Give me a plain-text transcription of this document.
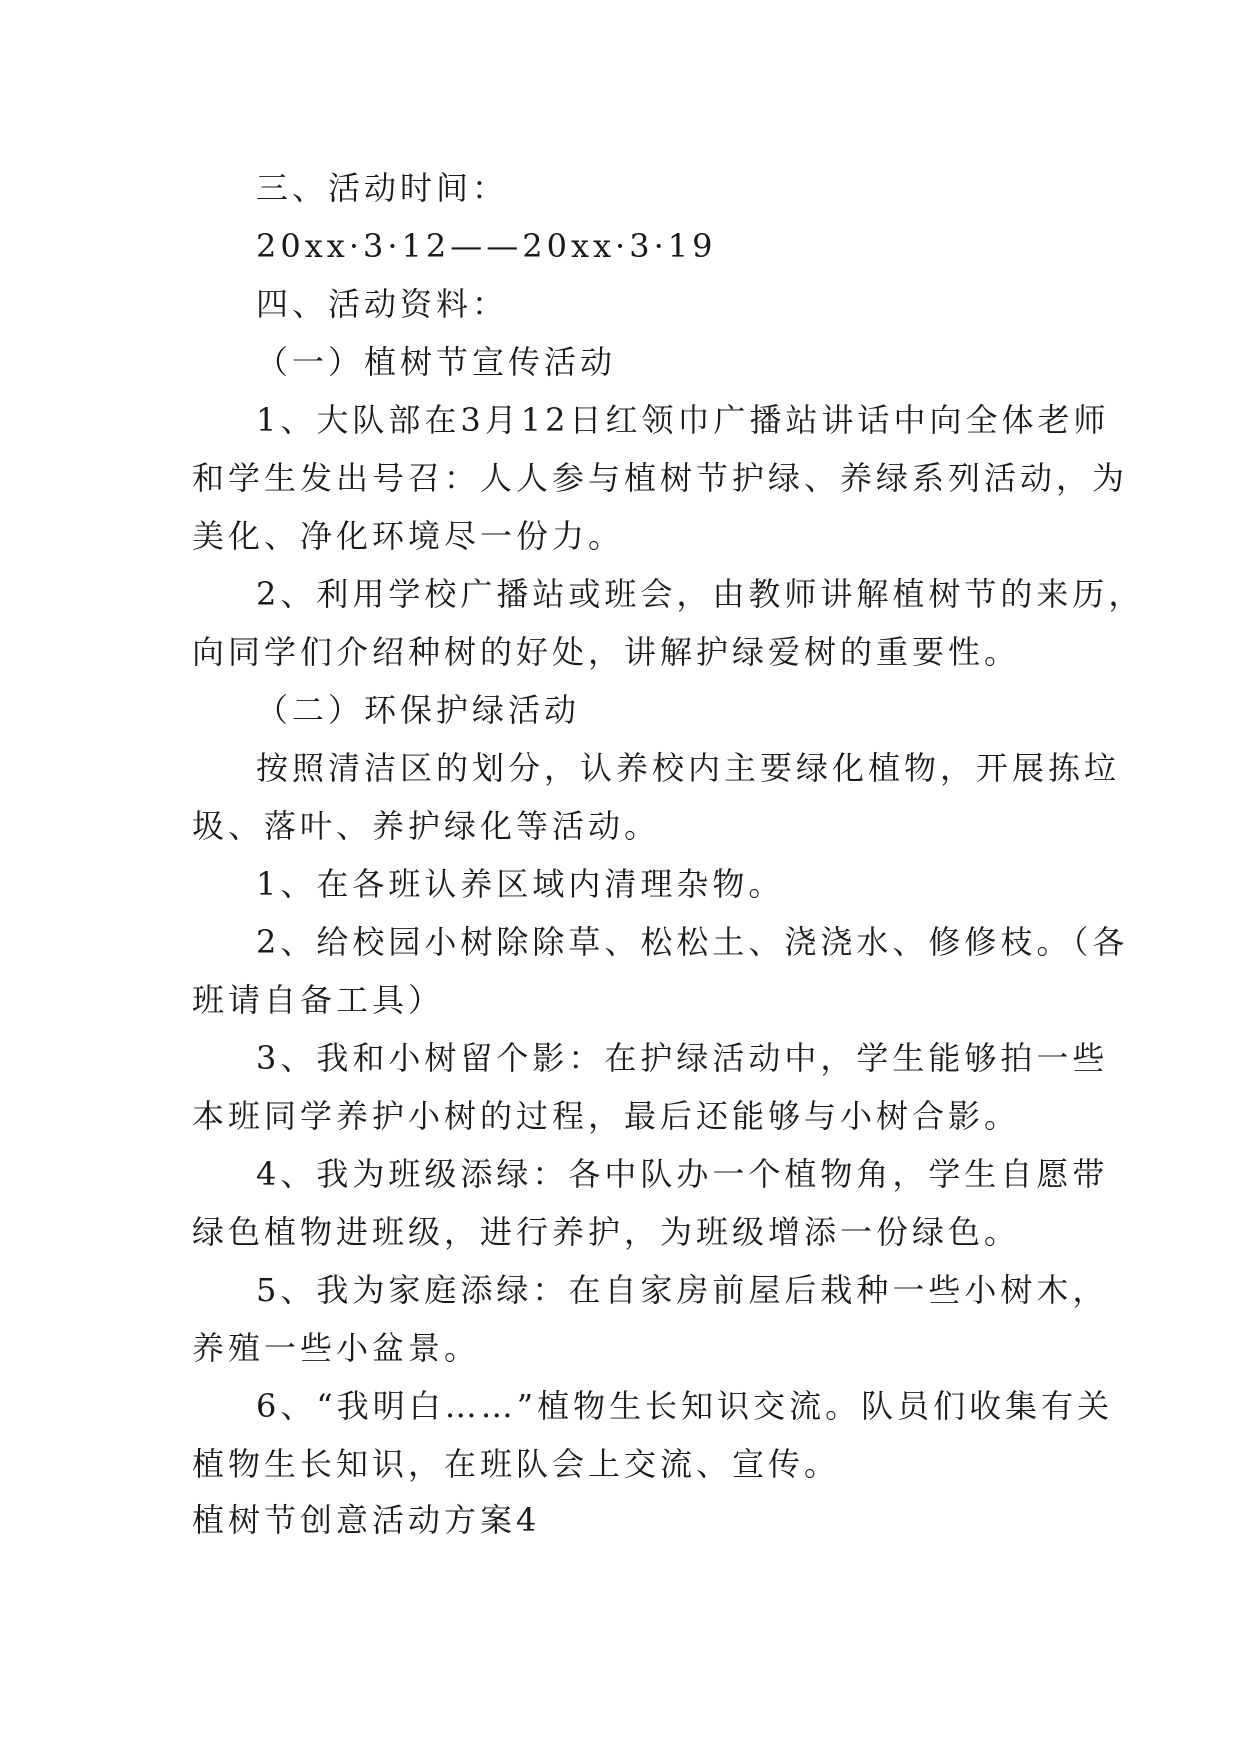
三、活动时间：
20xx·3·12——20xx·3·19
四、活动资料：
（一）植树节宣传活动
1、大队部在3月12日红领巾广播站讲话中向全体老师
和学生发出号召：人人参与植树节护绿、养绿系列活动，为
美化、净化环境尽一份力。
2、利用学校广播站或班会，由教师讲解植树节的来历，
向同学们介绍种树的好处，讲解护绿爱树的重要性。
（二）环保护绿活动
按照清洁区的划分，认养校内主要绿化植物，开展拣垃
圾、落叶、养护绿化等活动。
1、在各班认养区域内清理杂物。
2、给校园小树除除草、松松土、浇浇水、修修枝。（各
班请自备工具）
3、我和小树留个影：在护绿活动中，学生能够拍一些
本班同学养护小树的过程，最后还能够与小树合影。
4、我为班级添绿：各中队办一个植物角，学生自愿带
绿色植物进班级，进行养护，为班级增添一份绿色。
5、我为家庭添绿：在自家房前屋后栽种一些小树木，
养殖一些小盆景。
6、“我明白……”植物生长知识交流。队员们收集有关
植物生长知识，在班队会上交流、宣传。
植树节创意活动方案4
